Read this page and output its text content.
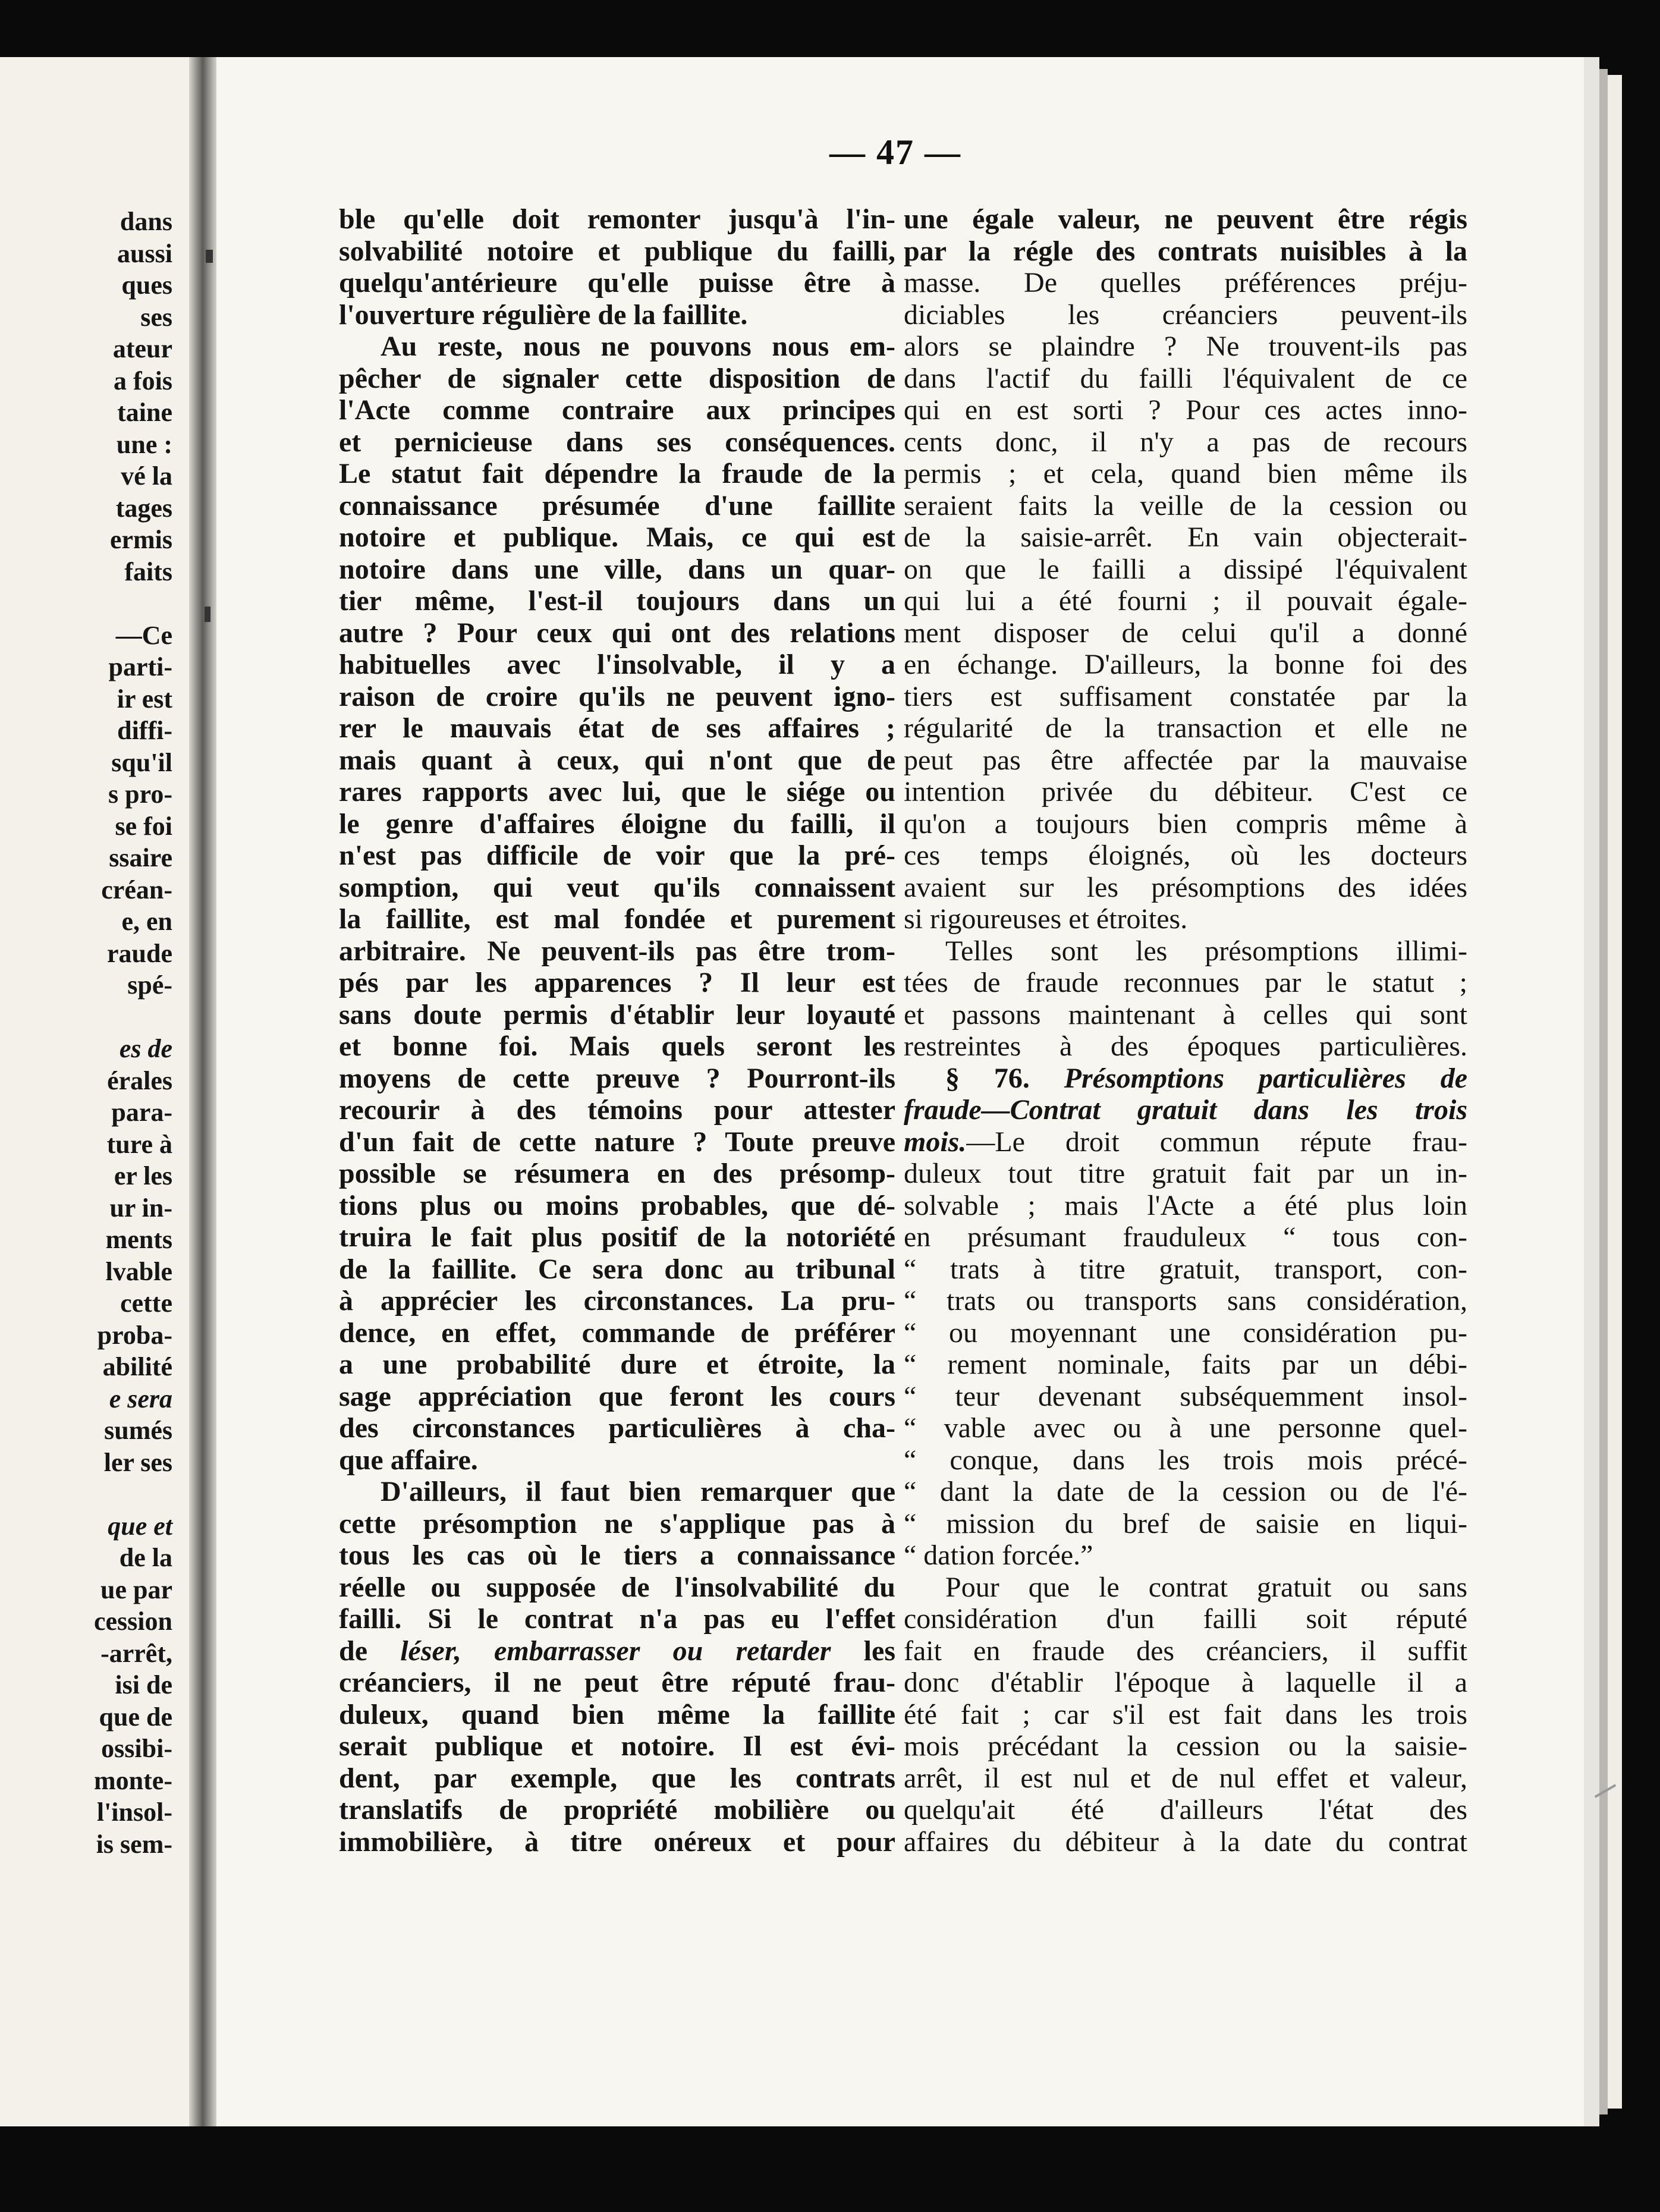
dans
aussi
ques
ses
ateur
a fois
taine
une :
vé la
tages
ermis
faits
—Ce
parti-
ir est
diffi-
squ'il
s pro-
se foi
ssaire
créan-
e, en
raude
spé-
es de
érales
para-
ture à
er les
ur in-
ments
lvable
cette
proba-
abilité
e sera
sumés
ler ses
que et
de la
ue par
cession
-arrêt,
isi de
que de
ossibi-
monte-
l'insol-
is sem-
— 47 —
ble qu'elle doit remonter jusqu'à l'in-
solvabilité notoire et publique du failli,
quelqu'antérieure qu'elle puisse être à
l'ouverture régulière de la faillite.
Au reste, nous ne pouvons nous em-
pêcher de signaler cette disposition de
l'Acte comme contraire aux principes
et pernicieuse dans ses conséquences.
Le statut fait dépendre la fraude de la
connaissance présumée d'une faillite
notoire et publique. Mais, ce qui est
notoire dans une ville, dans un quar-
tier même, l'est-il toujours dans un
autre ? Pour ceux qui ont des relations
habituelles avec l'insolvable, il y a
raison de croire qu'ils ne peuvent igno-
rer le mauvais état de ses affaires ;
mais quant à ceux, qui n'ont que de
rares rapports avec lui, que le siége ou
le genre d'affaires éloigne du failli, il
n'est pas difficile de voir que la pré-
somption, qui veut qu'ils connaissent
la faillite, est mal fondée et purement
arbitraire. Ne peuvent-ils pas être trom-
pés par les apparences ? Il leur est
sans doute permis d'établir leur loyauté
et bonne foi. Mais quels seront les
moyens de cette preuve ? Pourront-ils
recourir à des témoins pour attester
d'un fait de cette nature ? Toute preuve
possible se résumera en des présomp-
tions plus ou moins probables, que dé-
truira le fait plus positif de la notoriété
de la faillite. Ce sera donc au tribunal
à apprécier les circonstances. La pru-
dence, en effet, commande de préférer
a une probabilité dure et étroite, la
sage appréciation que feront les cours
des circonstances particulières à cha-
que affaire.
D'ailleurs, il faut bien remarquer que
cette présomption ne s'applique pas à
tous les cas où le tiers a connaissance
réelle ou supposée de l'insolvabilité du
failli. Si le contrat n'a pas eu l'effet
de léser, embarrasser ou retarder les
créanciers, il ne peut être réputé frau-
duleux, quand bien même la faillite
serait publique et notoire. Il est évi-
dent, par exemple, que les contrats
translatifs de propriété mobilière ou
immobilière, à titre onéreux et pour
une égale valeur, ne peuvent être régis
par la régle des contrats nuisibles à la
masse. De quelles préférences préju-
diciables les créanciers peuvent-ils
alors se plaindre ? Ne trouvent-ils pas
dans l'actif du failli l'équivalent de ce
qui en est sorti ? Pour ces actes inno-
cents donc, il n'y a pas de recours
permis ; et cela, quand bien même ils
seraient faits la veille de la cession ou
de la saisie-arrêt. En vain objecterait-
on que le failli a dissipé l'équivalent
qui lui a été fourni ; il pouvait égale-
ment disposer de celui qu'il a donné
en échange. D'ailleurs, la bonne foi des
tiers est suffisament constatée par la
régularité de la transaction et elle ne
peut pas être affectée par la mauvaise
intention privée du débiteur. C'est ce
qu'on a toujours bien compris même à
ces temps éloignés, où les docteurs
avaient sur les présomptions des idées
si rigoureuses et étroites.
Telles sont les présomptions illimi-
tées de fraude reconnues par le statut ;
et passons maintenant à celles qui sont
restreintes à des époques particulières.
§ 76. Présomptions particulières de
fraude—Contrat gratuit dans les trois
mois.—Le droit commun répute frau-
duleux tout titre gratuit fait par un in-
solvable ; mais l'Acte a été plus loin
en présumant frauduleux “ tous con-
“ trats à titre gratuit, transport, con-
“ trats ou transports sans considération,
“ ou moyennant une considération pu-
“ rement nominale, faits par un débi-
“ teur devenant subséquemment insol-
“ vable avec ou à une personne quel-
“ conque, dans les trois mois précé-
“ dant la date de la cession ou de l'é-
“ mission du bref de saisie en liqui-
“ dation forcée.”
Pour que le contrat gratuit ou sans
considération d'un failli soit réputé
fait en fraude des créanciers, il suffit
donc d'établir l'époque à laquelle il a
été fait ; car s'il est fait dans les trois
mois précédant la cession ou la saisie-
arrêt, il est nul et de nul effet et valeur,
quelqu'ait été d'ailleurs l'état des
affaires du débiteur à la date du contrat
